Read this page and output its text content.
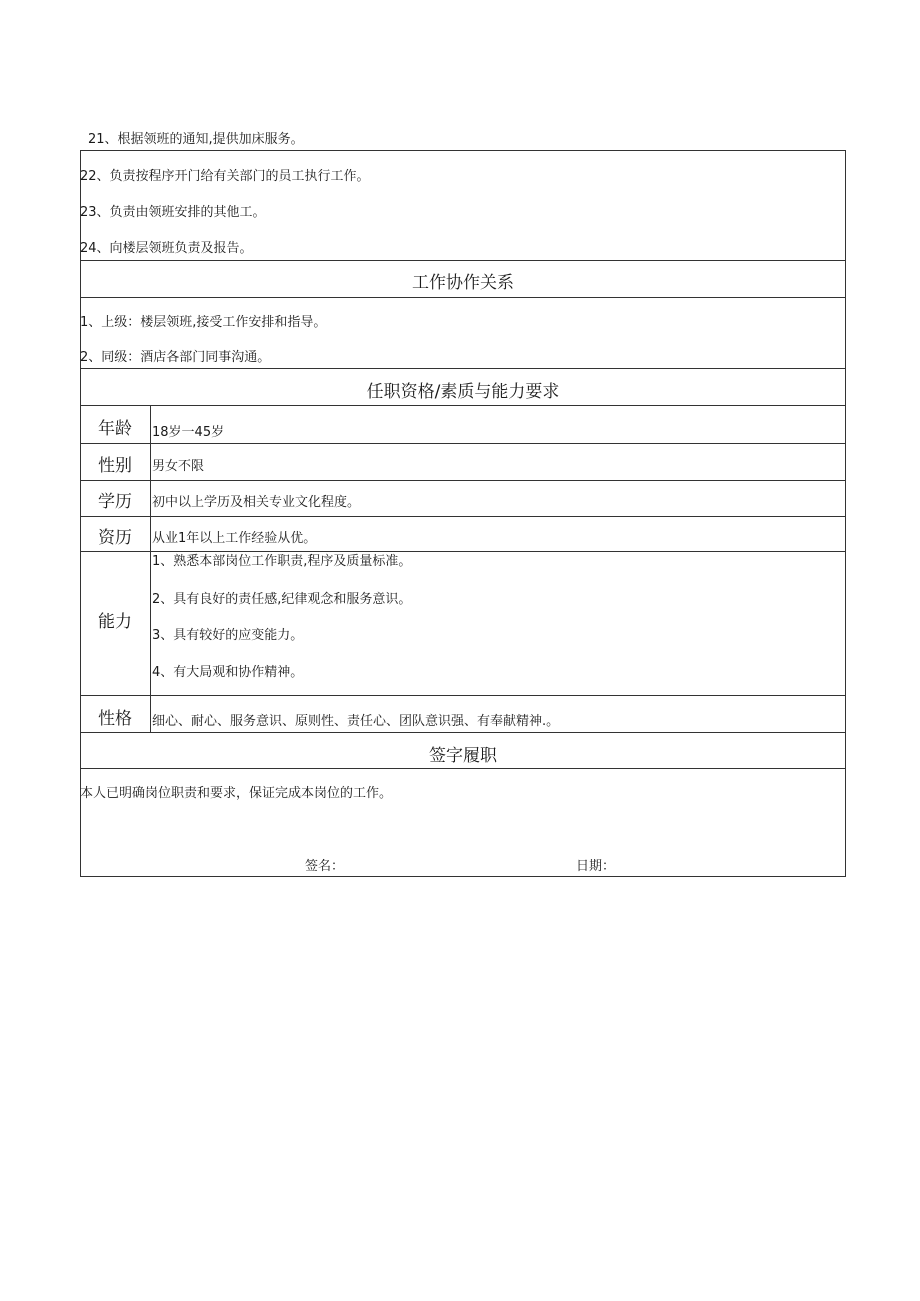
21、根据领班的通知,提供加床服务。
22、负责按程序开门给有关部门的员工执行工作。
23、负责由领班安排的其他工。
24、向楼层领班负责及报告。
工作协作关系
1、上级：楼层领班,接受工作安排和指导。
2、同级：酒店各部门同事沟通。
任职资格/素质与能力要求
年龄	18岁一45岁
性别	男女不限
学历	初中以上学历及相关专业文化程度。
资历	从业1年以上工作经验从优。
能力
1、熟悉本部岗位工作职责,程序及质量标准。
2、具有良好的责任感,纪律观念和服务意识。
3、具有较好的应变能力。
4、有大局观和协作精神。
性格	细心、耐心、服务意识、原则性、责任心、团队意识强、有奉献精神.。
签字履职
本人已明确岗位职责和要求，保证完成本岗位的工作。
签名：	日期：
